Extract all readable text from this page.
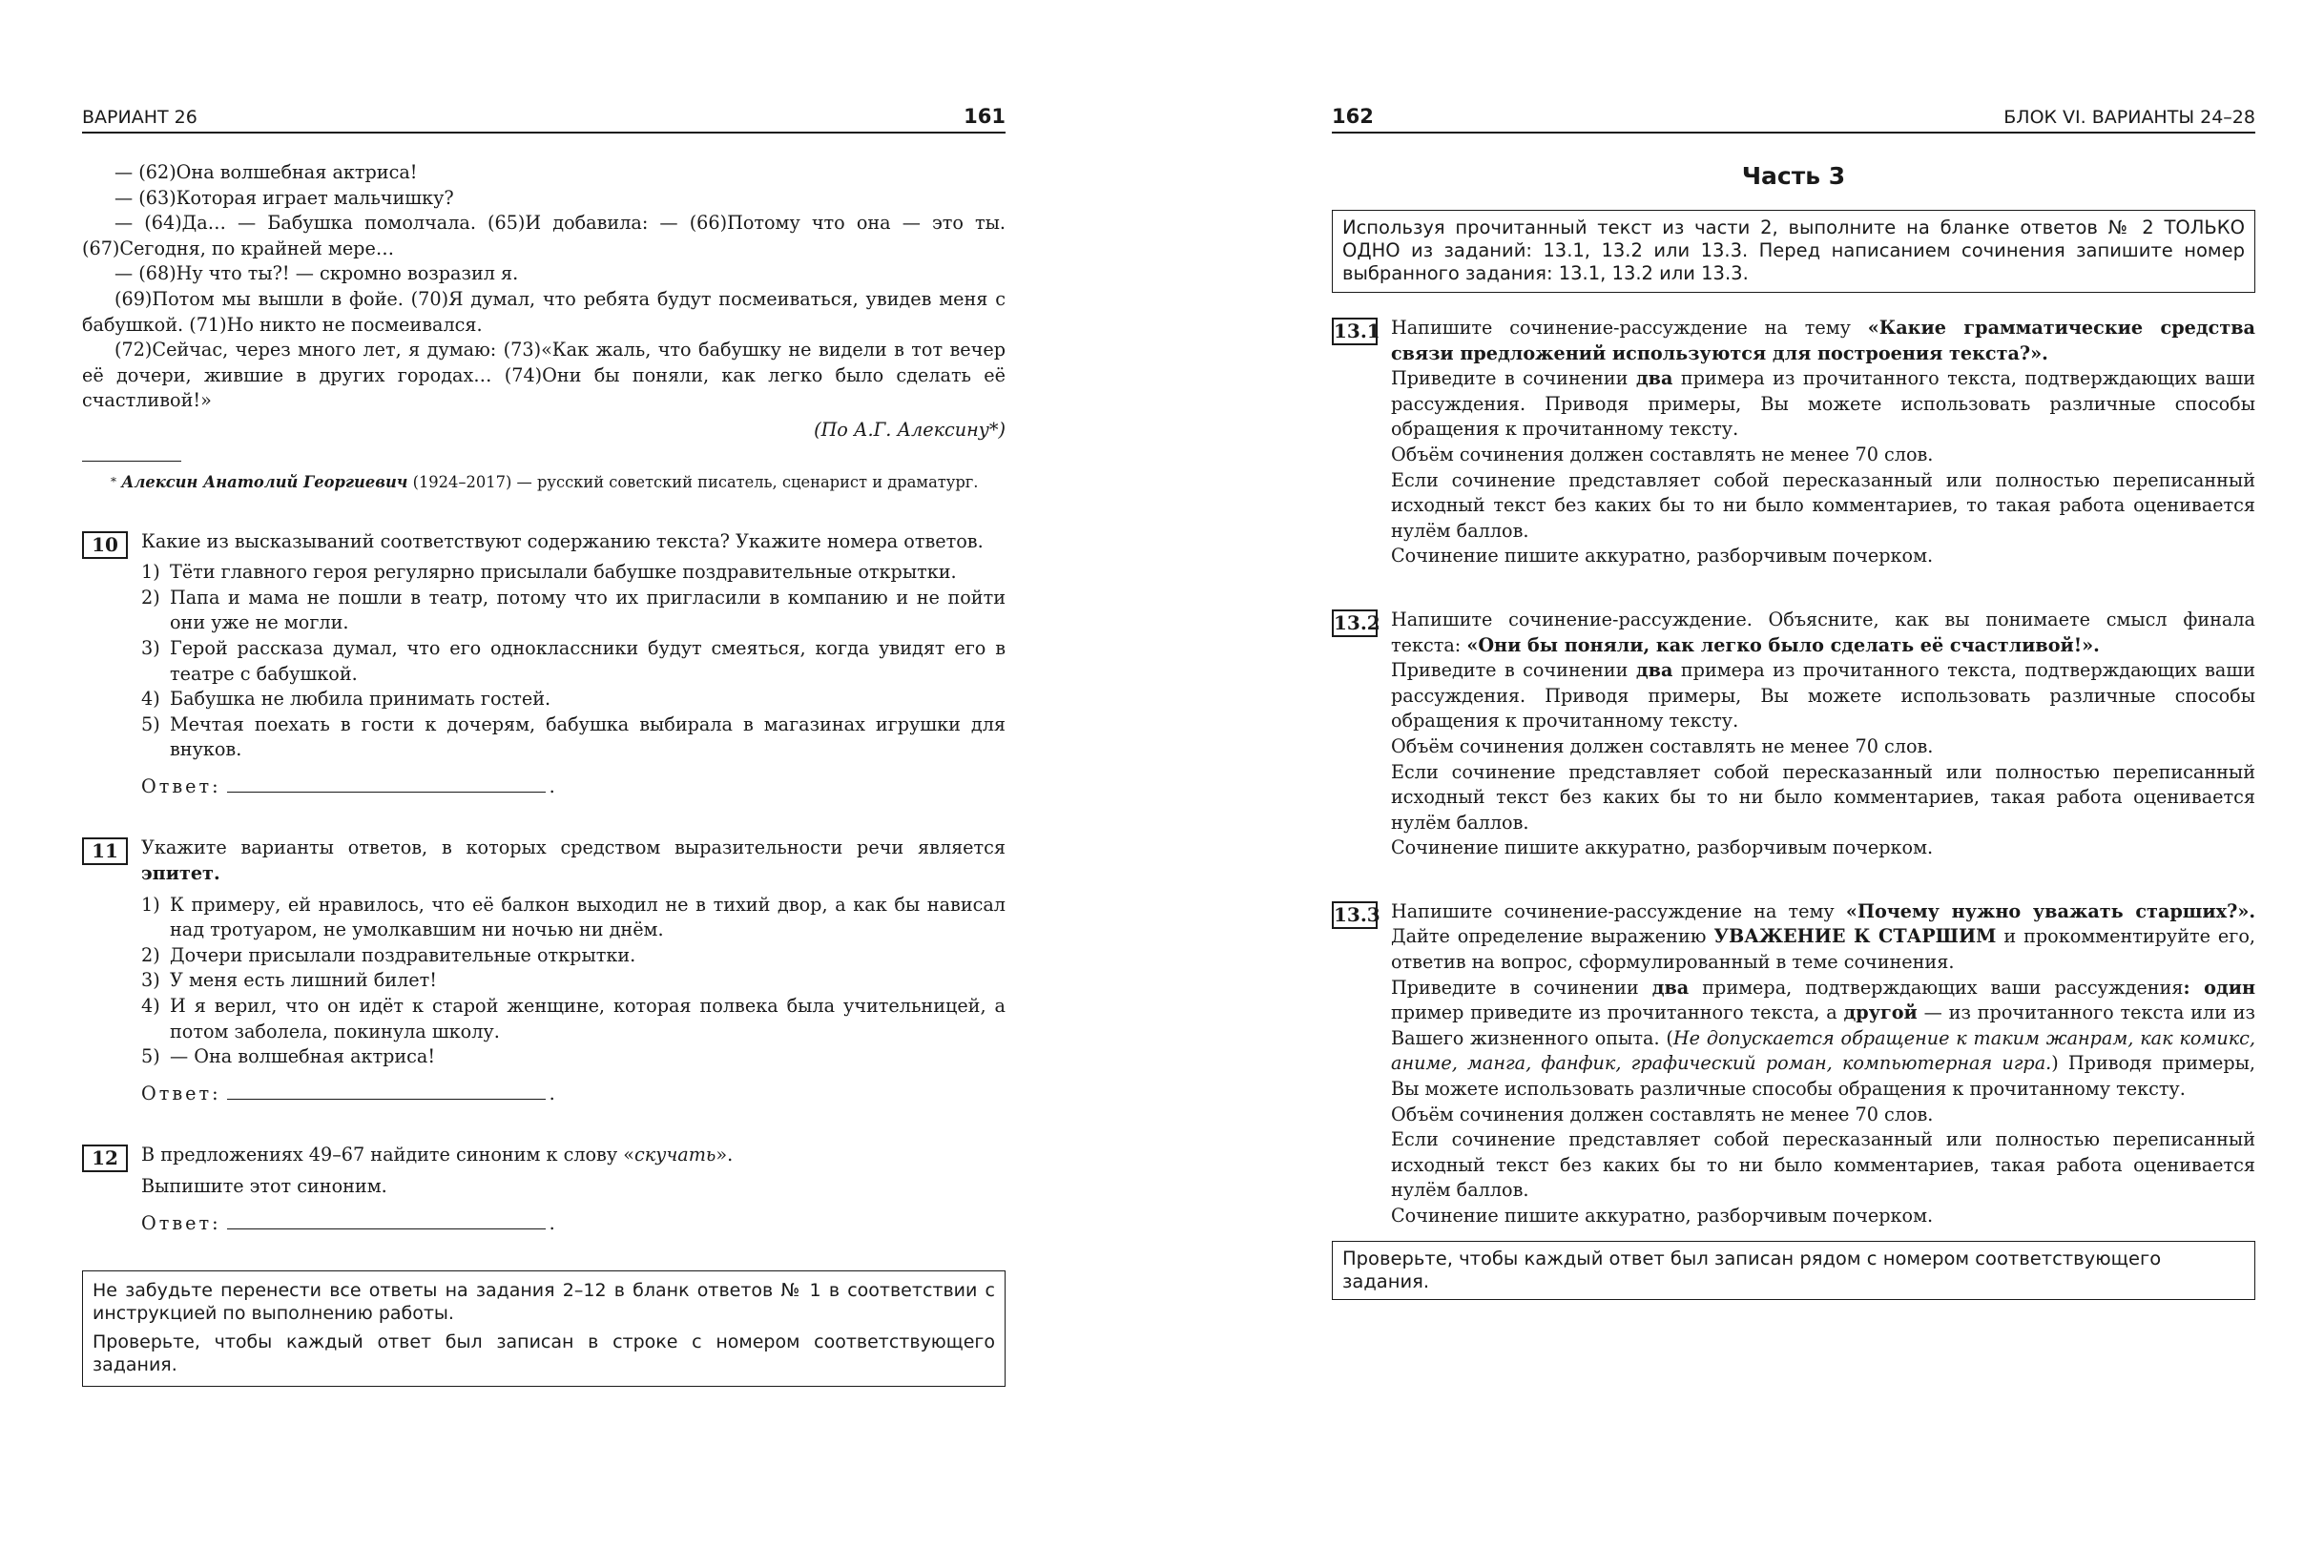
ВАРИАНТ 26	161

— (62)Она волшебная актриса!

— (63)Которая играет мальчишку?

— (64)Да… — Бабушка помолчала. (65)И добавила: — (66)Потому что она — это ты. (67)Сегодня, по крайней мере…

— (68)Ну что ты?! — скромно возразил я.

(69)Потом мы вышли в фойе. (70)Я думал, что ребята будут посмеиваться, увидев меня с бабушкой. (71)Но никто не посмеивался.

(72)Сейчас, через много лет, я думаю: (73)«Как жаль, что бабушку не видели в тот вечер её дочери, жившие в других городах… (74)Они бы поняли, как легко было сделать её счастливой!»

(По А.Г. Алексину*)

* Алексин Анатолий Георгиевич (1924–2017) — русский советский писатель, сценарист и драматург.

10	Какие из высказываний соответствуют содержанию текста? Укажите номера ответов.

1) Тёти главного героя регулярно присылали бабушке поздравительные открытки.
2) Папа и мама не пошли в театр, потому что их пригласили в компанию и не пойти они уже не могли.
3) Герой рассказа думал, что его одноклассники будут смеяться, когда увидят его в театре с бабушкой.
4) Бабушка не любила принимать гостей.
5) Мечтая поехать в гости к дочерям, бабушка выбирала в магазинах игрушки для внуков.

Ответ:	.

11	Укажите варианты ответов, в которых средством выразительности речи является эпитет.

1) К примеру, ей нравилось, что её балкон выходил не в тихий двор, а как бы нависал над тротуаром, не умолкавшим ни ночью ни днём.
2) Дочери присылали поздравительные открытки.
3) У меня есть лишний билет!
4) И я верил, что он идёт к старой женщине, которая полвека была учительницей, а потом заболела, покинула школу.
5) — Она волшебная актриса!

Ответ:	.

12	В предложениях 49–67 найдите синоним к слову «скучать».

Выпишите этот синоним.

Ответ:	.

Не забудьте перенести все ответы на задания 2–12 в бланк ответов № 1 в соответствии с инструкцией по выполнению работы.

Проверьте, чтобы каждый ответ был записан в строке с номером соответствующего задания.

162	БЛОК VI. ВАРИАНТЫ 24–28
Часть 3
Используя прочитанный текст из части 2, выполните на бланке ответов № 2 ТОЛЬКО ОДНО из заданий: 13.1, 13.2 или 13.3. Перед написанием сочинения запишите номер выбранного задания: 13.1, 13.2 или 13.3.
13.1 Напишите сочинение-рассуждение на тему «Какие грамматические средства связи предложений используются для построения текста?».

Приведите в сочинении два примера из прочитанного текста, подтверждающих ваши рассуждения. Приводя примеры, Вы можете использовать различные способы обращения к прочитанному тексту.

Объём сочинения должен составлять не менее 70 слов.

Если сочинение представляет собой пересказанный или полностью переписанный исходный текст без каких бы то ни было комментариев, то такая работа оценивается нулём баллов.

Сочинение пишите аккуратно, разборчивым почерком.

13.2 Напишите сочинение-рассуждение. Объясните, как вы понимаете смысл финала текста: «Они бы поняли, как легко было сделать её счастливой!».

Приведите в сочинении два примера из прочитанного текста, подтверждающих ваши рассуждения. Приводя примеры, Вы можете использовать различные способы обращения к прочитанному тексту.

Объём сочинения должен составлять не менее 70 слов.

Если сочинение представляет собой пересказанный или полностью переписанный исходный текст без каких бы то ни было комментариев, такая работа оценивается нулём баллов.

Сочинение пишите аккуратно, разборчивым почерком.

13.3 Напишите сочинение-рассуждение на тему «Почему нужно уважать старших?». Дайте определение выражению УВАЖЕНИЕ К СТАРШИМ и прокомментируйте его, ответив на вопрос, сформулированный в теме сочинения.

Приведите в сочинении два примера, подтверждающих ваши рассуждения: один пример приведите из прочитанного текста, а другой — из прочитанного текста или из Вашего жизненного опыта. (Не допускается обращение к таким жанрам, как комикс, аниме, манга, фанфик, графический роман, компьютерная игра.) Приводя примеры, Вы можете использовать различные способы обращения к прочитанному тексту.

Объём сочинения должен составлять не менее 70 слов.

Если сочинение представляет собой пересказанный или полностью переписанный исходный текст без каких бы то ни было комментариев, такая работа оценивается нулём баллов.

Сочинение пишите аккуратно, разборчивым почерком.

Проверьте, чтобы каждый ответ был записан рядом с номером соответствующего задания.
